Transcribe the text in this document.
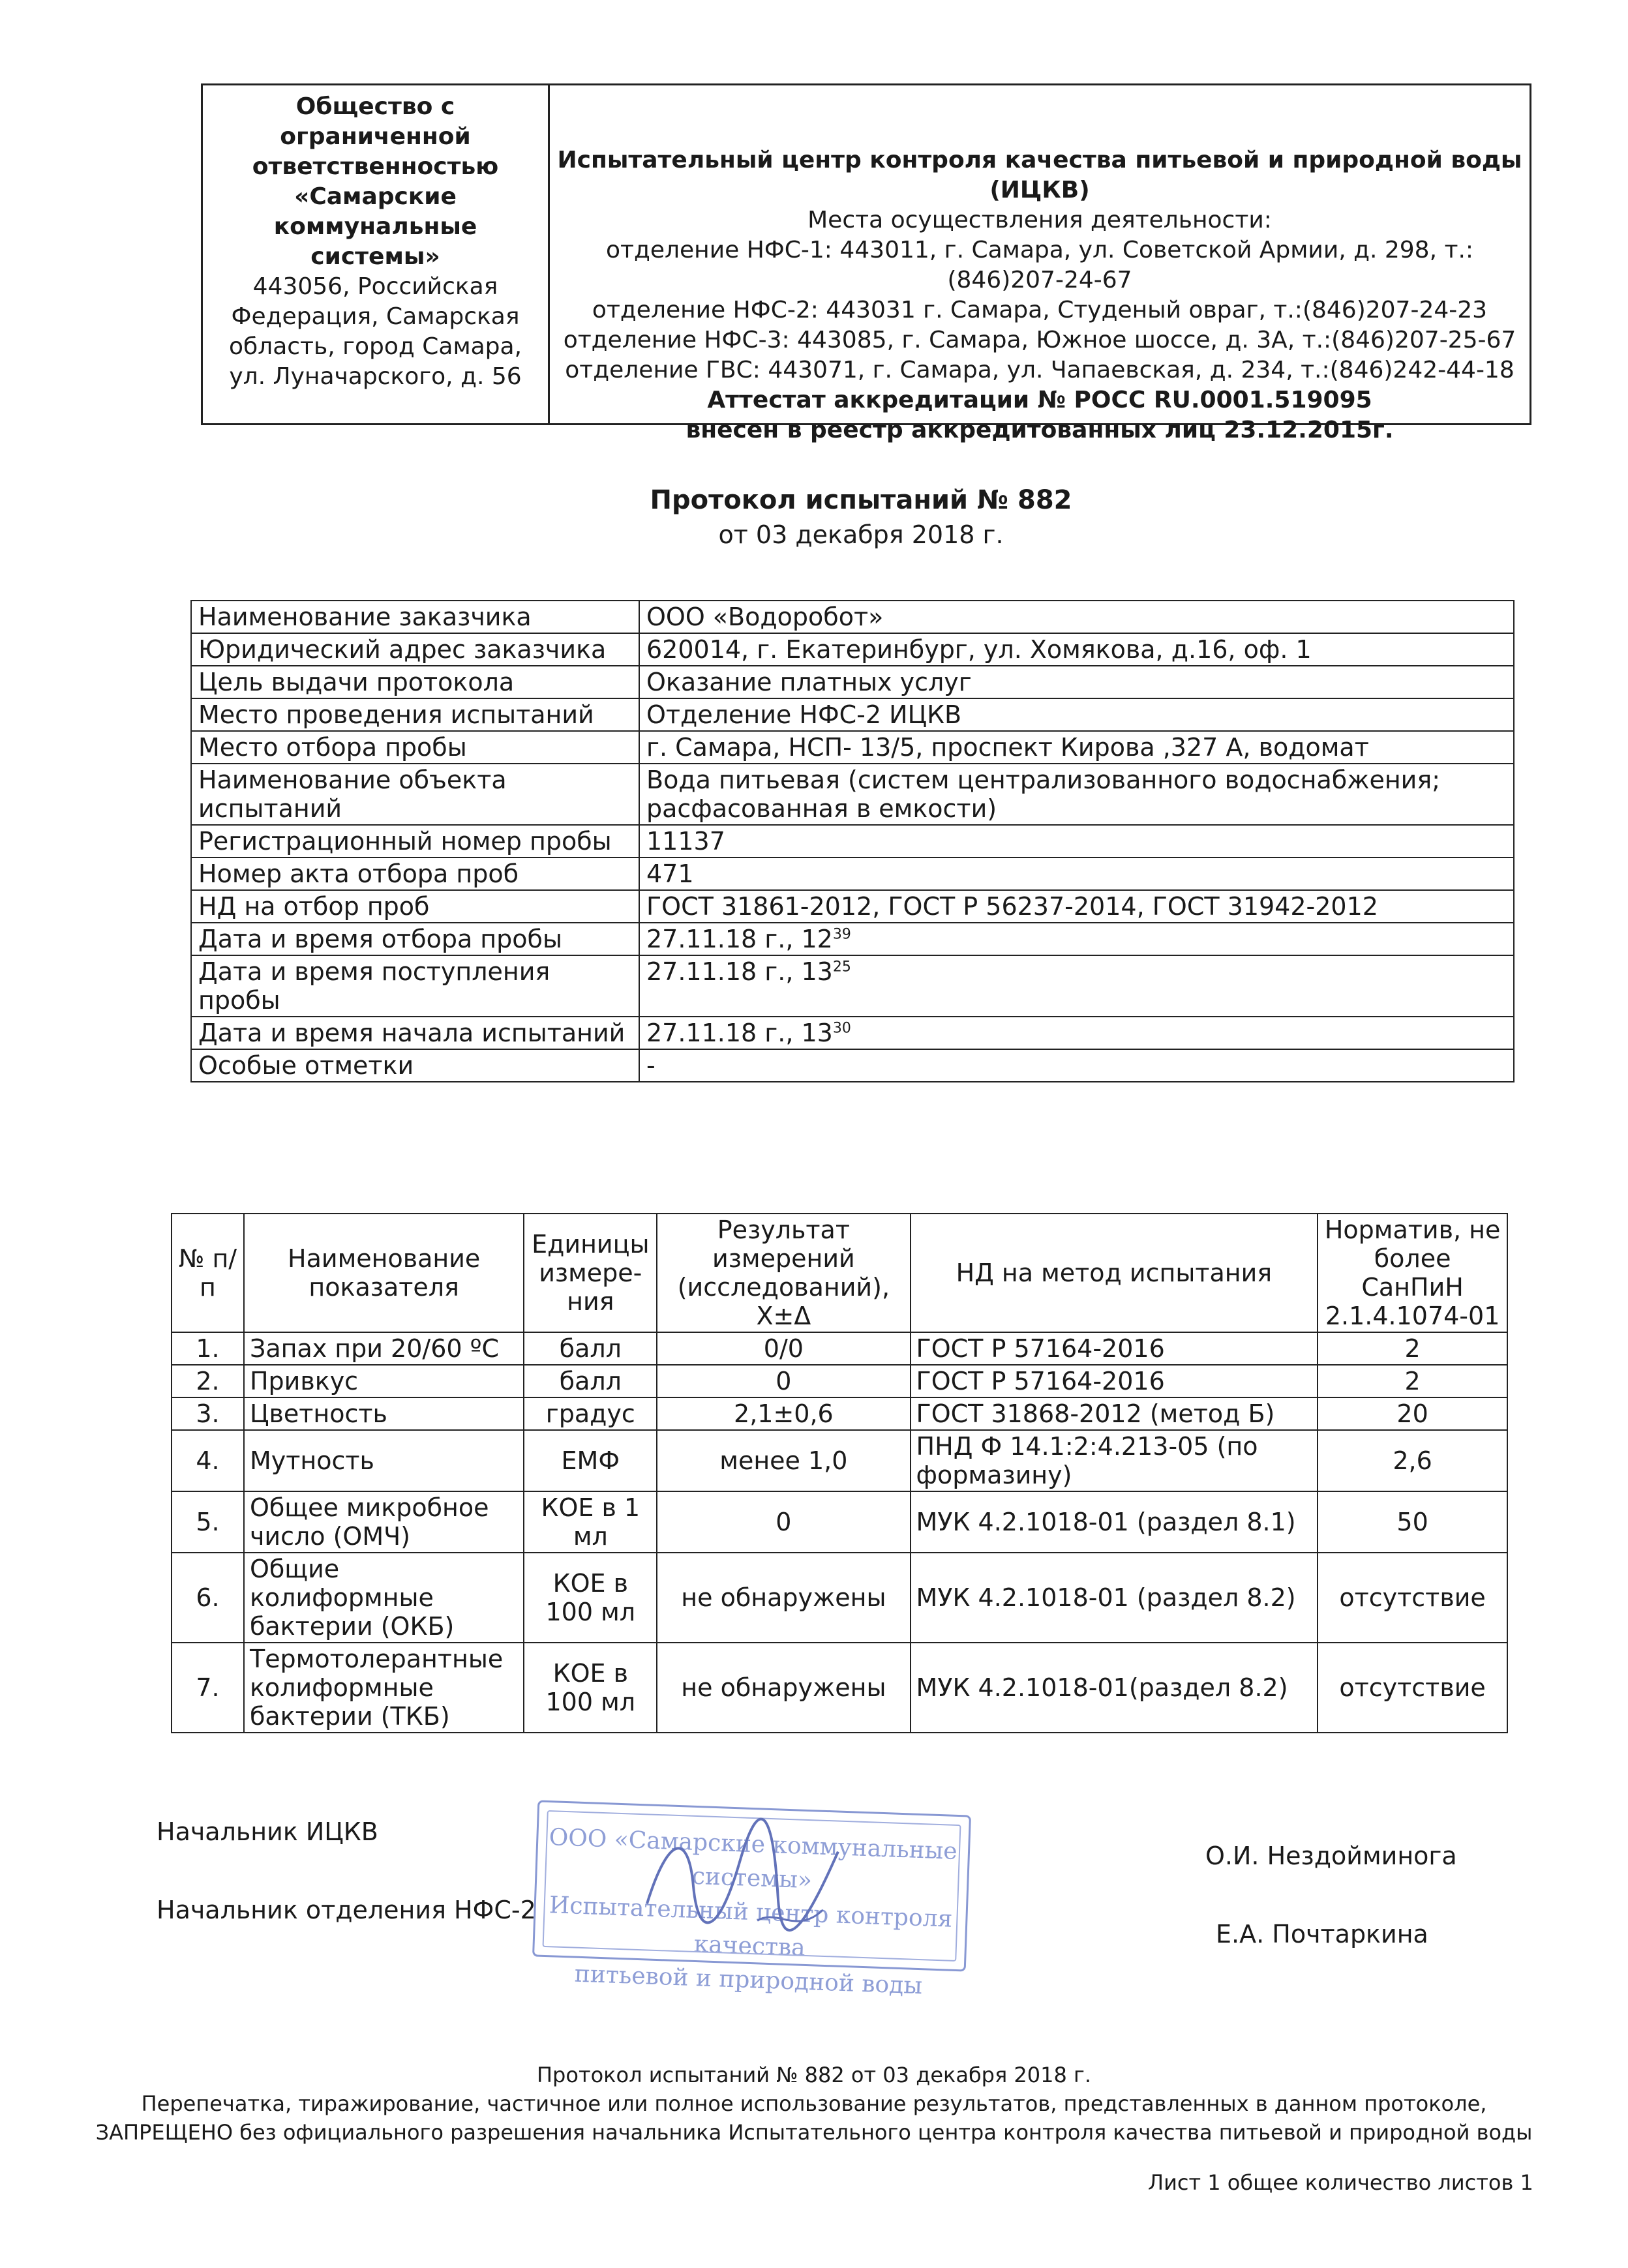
Общество с
ограниченной
ответственностью
«Самарские
коммунальные
системы»
443056, Российская
Федерация, Самарская
область, город Самара,
ул. Луначарского, д. 56
Испытательный центр контроля качества питьевой и природной воды
(ИЦКВ)
Места осуществления деятельности:
отделение НФС-1: 443011, г. Самара, ул. Советской Армии, д. 298, т.:(846)207-24-67
отделение НФС-2: 443031 г. Самара, Студеный овраг, т.:(846)207-24-23
отделение НФС-3: 443085, г. Самара, Южное шоссе, д. 3А, т.:(846)207-25-67
отделение ГВС: 443071, г. Самара, ул. Чапаевская, д. 234, т.:(846)242-44-18
Аттестат аккредитации № РОСС RU.0001.519095
внесен в реестр аккредитованных лиц 23.12.2015г.
Протокол испытаний № 882
от 03 декабря 2018 г.
Наименование заказчика	ООО «Водоробот»
Юридический адрес заказчика	620014, г. Екатеринбург, ул. Хомякова, д.16, оф. 1
Цель выдачи протокола	Оказание платных услуг
Место проведения испытаний	Отделение НФС-2 ИЦКВ
Место отбора пробы	г. Самара, НСП- 13/5, проспект Кирова ,327 А, водомат
Наименование объекта испытаний	Вода питьевая (систем централизованного водоснабжения; расфасованная в емкости)
Регистрационный номер пробы	11137
Номер акта отбора проб	471
НД на отбор проб	ГОСТ 31861-2012, ГОСТ Р 56237-2014, ГОСТ 31942-2012
Дата и время отбора пробы	27.11.18 г., $12^{39}$
Дата и время поступления пробы	27.11.18 г., $13^{25}$
Дата и время начала испытаний	27.11.18 г., $13^{30}$
Особые отметки	-
№ п/п	Наименование показателя	Единицы измере-ния	Результат измерений (исследований), Х±Δ	НД на метод испытания	Норматив, не более СанПиН 2.1.4.1074-01
1.	Запах при 20/60 ºС	балл	0/0	ГОСТ Р 57164-2016	2
2.	Привкус	балл	0	ГОСТ Р 57164-2016	2
3.	Цветность	градус	2,1±0,6	ГОСТ 31868-2012 (метод Б)	20
4.	Мутность	ЕМФ	менее 1,0	ПНД Ф 14.1:2:4.213-05 (по формазину)	2,6
5.	Общее микробное число (ОМЧ)	КОЕ в 1 мл	0	МУК 4.2.1018-01 (раздел 8.1)	50
6.	Общие колиформные бактерии (ОКБ)	КОЕ в 100 мл	не обнаружены	МУК 4.2.1018-01 (раздел 8.2)	отсутствие
7.	Термотолерантные колиформные бактерии (ТКБ)	КОЕ в 100 мл	не обнаружены	МУК 4.2.1018-01(раздел 8.2)	отсутствие
Начальник ИЦКВ
О.И. Нездойминога
Начальник отделения НФС-2
Е.А. Почтаркина
ООО «Самарские коммунальные системы»
Испытательный центр контроля качества
питьевой и природной воды
Протокол испытаний № 882 от 03 декабря 2018 г.
Перепечатка, тиражирование, частичное или полное использование результатов, представленных в данном протоколе,
ЗАПРЕЩЕНО без официального разрешения начальника Испытательного центра контроля качества питьевой и природной воды
Лист 1 общее количество листов 1
